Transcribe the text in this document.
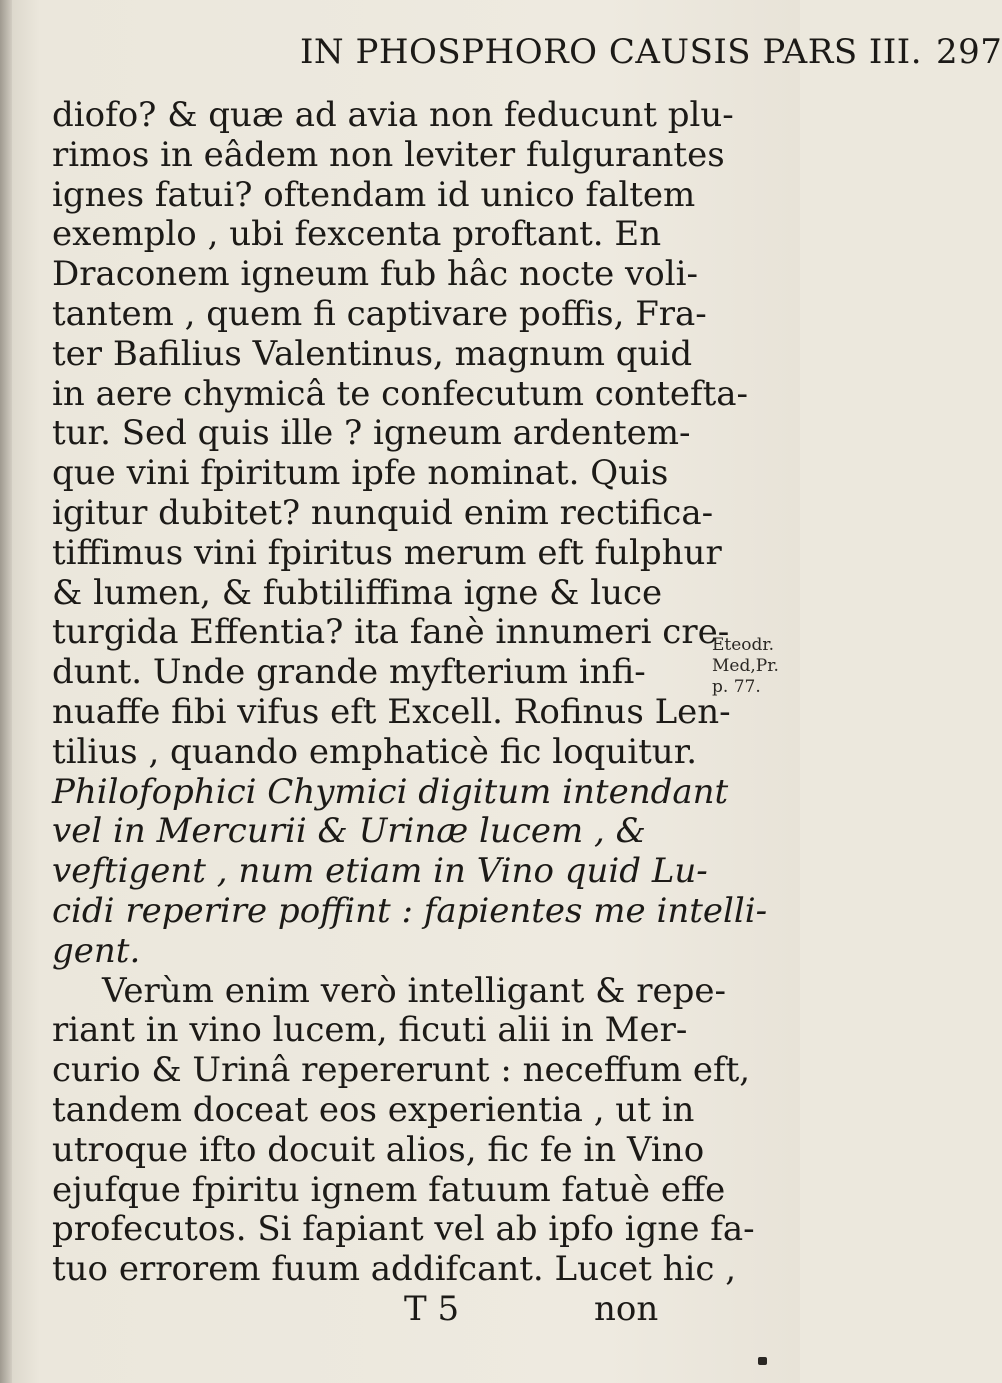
IN PHOSPHORO CAUSIS PARS III. 297
diofo? & quæ ad avia non feducunt plu-
rimos in eâdem non leviter fulgurantes
ignes fatui? oftendam id unico faltem
exemplo , ubi fexcenta proftant. En
Draconem igneum fub hâc nocte voli-
tantem , quem fi captivare poffis, Fra-
ter Bafilius Valentinus, magnum quid
in aere chymicâ te confecutum contefta-
tur. Sed quis ille ? igneum ardentem-
que vini fpiritum ipfe nominat. Quis
igitur dubitet? nunquid enim rectifica-
tiffimus vini fpiritus merum eft fulphur
& lumen, & fubtiliffima igne & luce
turgida Effentia? ita fanè innumeri cre-
dunt. Unde grande myfterium infi-
nuaffe fibi vifus eft Excell. Rofinus Len-
tilius , quando emphaticè fic loquitur.
Philofophici Chymici digitum intendant
vel in Mercurii & Urinæ lucem , &
veftigent , num etiam in Vino quid Lu-
cidi reperire poffint : fapientes me intelli-
gent.
Verùm enim verò intelligant & repe-
riant in vino lucem, ficuti alii in Mer-
curio & Urinâ repererunt : neceffum eft,
tandem doceat eos experientia , ut in
utroque ifto docuit alios, fic fe in Vino
ejufque fpiritu ignem fatuum fatuè effe
profecutos. Si fapiant vel ab ipfo igne fa-
tuo errorem fuum addifcant. Lucet hic ,
T 5	non
Eteodr.
Med,Pr.
p. 77.
